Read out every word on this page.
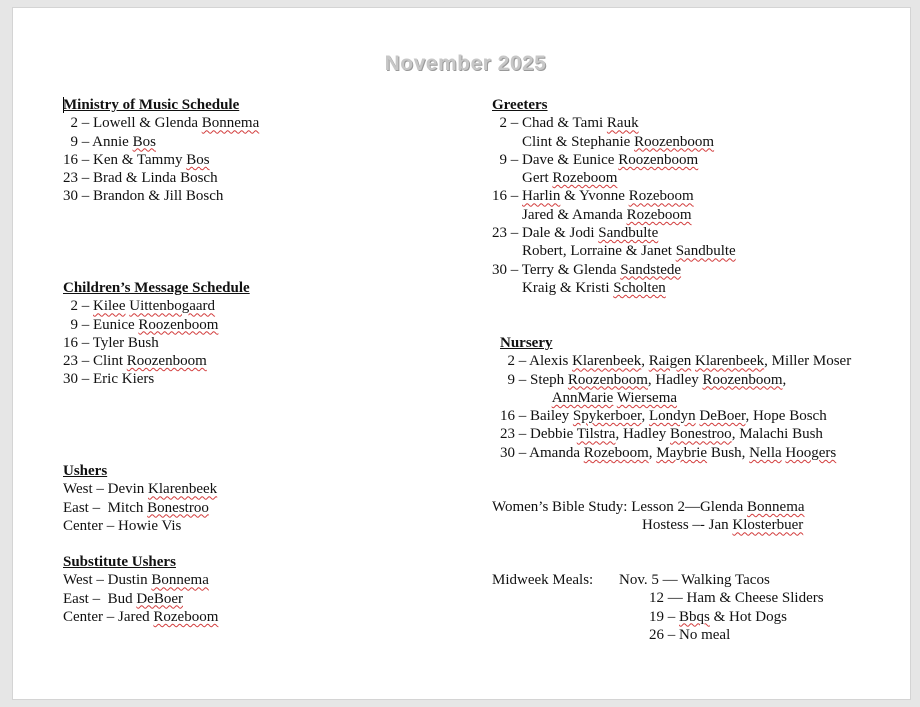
November 2025
Ministry of Music Schedule
2 – Lowell & Glenda Bonnema
9 – Annie Bos
16 – Ken & Tammy Bos
23 – Brad & Linda Bosch
30 – Brandon & Jill Bosch
Children’s Message Schedule
2 – Kilee Uittenbogaard
9 – Eunice Roozenboom
16 – Tyler Bush
23 – Clint Roozenboom
30 – Eric Kiers
Ushers
West – Devin Klarenbeek
East –  Mitch Bonestroo
Center – Howie Vis
Substitute Ushers
West – Dustin Bonnema
East –  Bud DeBoer
Center – Jared Rozeboom
Greeters
2 – Chad & Tami Rauk
Clint & Stephanie Roozenboom
9 – Dave & Eunice Roozenboom
Gert Rozeboom
16 – Harlin & Yvonne Rozeboom
Jared & Amanda Rozeboom
23 – Dale & Jodi Sandbulte
Robert, Lorraine & Janet Sandbulte
30 – Terry & Glenda Sandstede
Kraig & Kristi Scholten
Nursery
2 – Alexis Klarenbeek, Raigen Klarenbeek, Miller Moser
9 – Steph Roozenboom, Hadley Roozenboom,
AnnMarie Wiersema
16 – Bailey Spykerboer, Londyn DeBoer, Hope Bosch
23 – Debbie Tilstra, Hadley Bonestroo, Malachi Bush
30 – Amanda Rozeboom, Maybrie Bush, Nella Hoogers
Women’s Bible Study: Lesson 2—Glenda Bonnema
Hostess –- Jan Klosterbuer
Midweek Meals: Nov. 5 — Walking Tacos
12 — Ham & Cheese Sliders
19 – Bbqs & Hot Dogs
26 – No meal
